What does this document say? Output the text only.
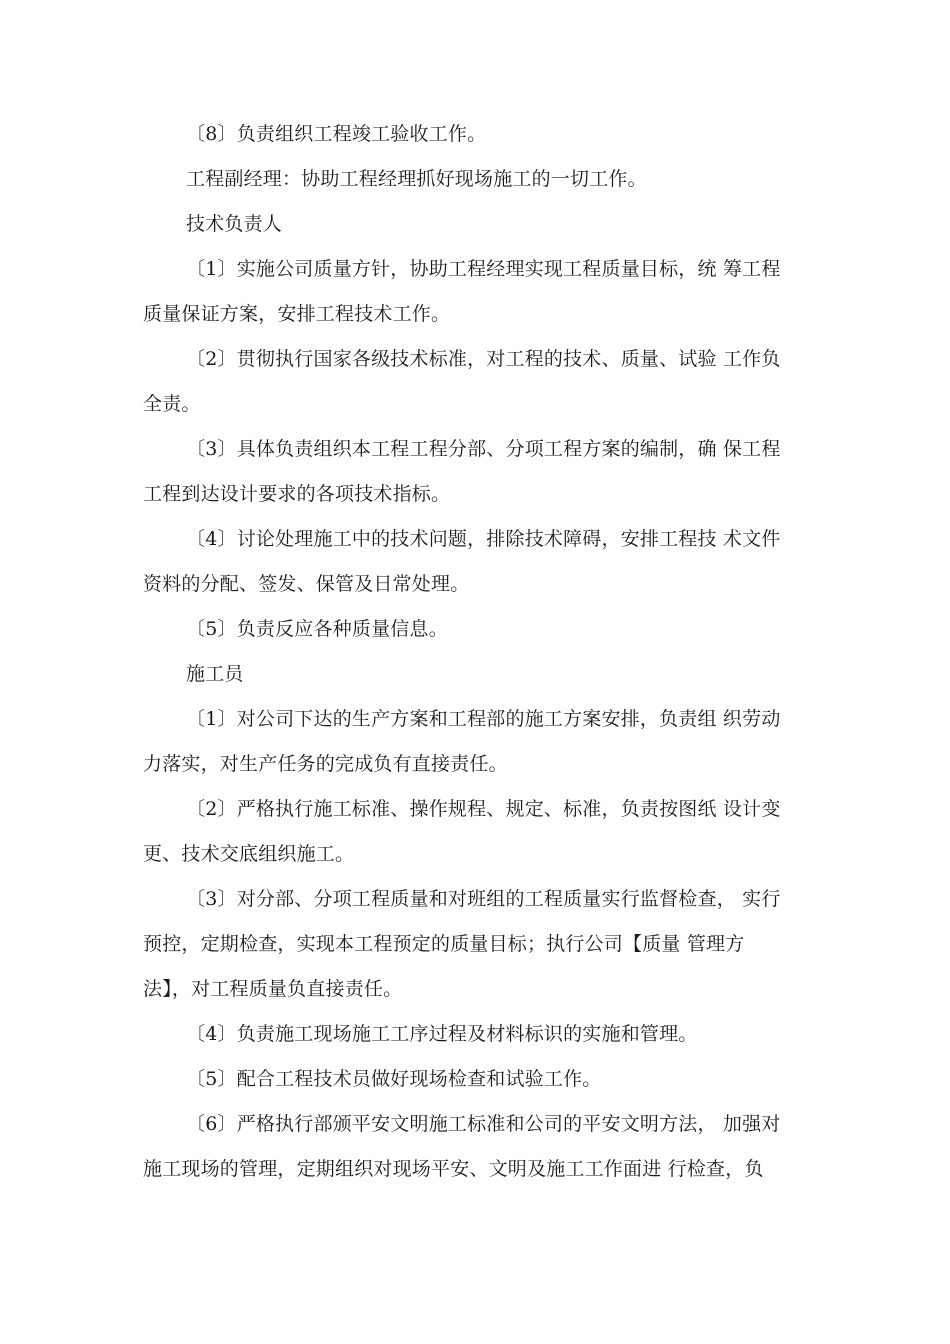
〔8〕负责组织工程竣工验收工作。

工程副经理：协助工程经理抓好现场施工的一切工作。

技术负责人

〔1〕实施公司质量方针，协助工程经理实现工程质量目标，统 筹工程
质量保证方案，安排工程技术工作。

〔2〕贯彻执行国家各级技术标准，对工程的技术、质量、试验 工作负
全责。

〔3〕具体负责组织本工程工程分部、分项工程方案的编制，确 保工程
工程到达设计要求的各项技术指标。

〔4〕讨论处理施工中的技术问题，排除技术障碍，安排工程技 术文件
资料的分配、签发、保管及日常处理。

〔5〕负责反应各种质量信息。

施工员

〔1〕对公司下达的生产方案和工程部的施工方案安排，负责组 织劳动
力落实，对生产任务的完成负有直接责任。

〔2〕严格执行施工标准、操作规程、规定、标准，负责按图纸 设计变
更、技术交底组织施工。

〔3〕对分部、分项工程质量和对班组的工程质量实行监督检查， 实行
预控，定期检查，实现本工程预定的质量目标；执行公司【质量 管理方
法】，对工程质量负直接责任。

〔4〕负责施工现场施工工序过程及材料标识的实施和管理。

〔5〕配合工程技术员做好现场检查和试验工作。

〔6〕严格执行部颁平安文明施工标准和公司的平安文明方法， 加强对
施工现场的管理，定期组织对现场平安、文明及施工工作面进 行检查，负
